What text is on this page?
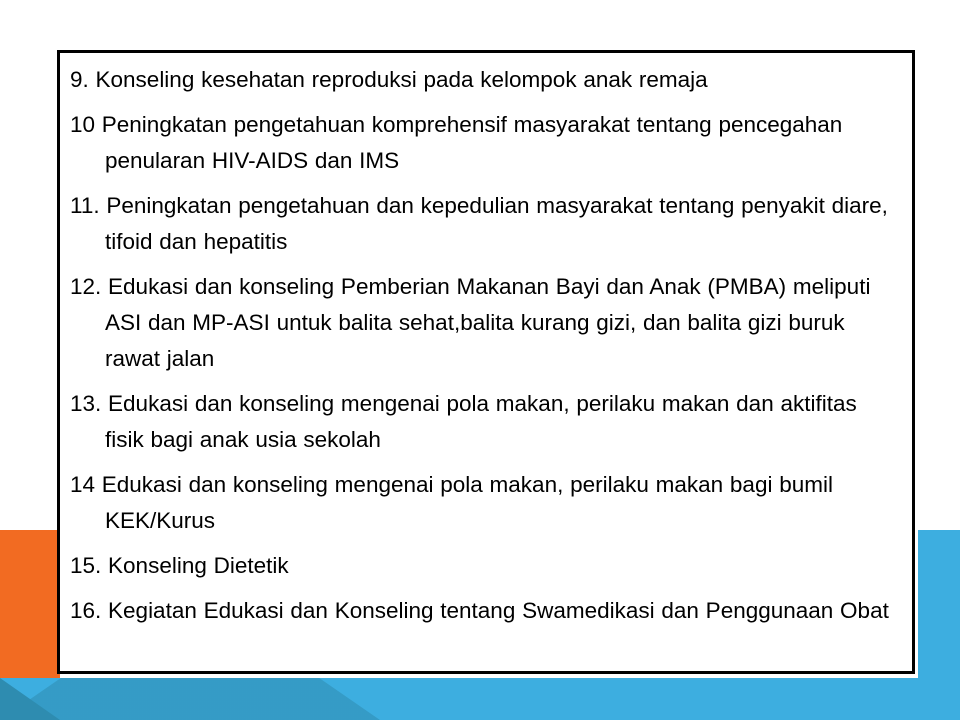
9. Konseling kesehatan reproduksi pada kelompok anak remaja
10 Peningkatan pengetahuan komprehensif masyarakat tentang pencegahan penularan HIV-AIDS dan IMS
11. Peningkatan pengetahuan dan kepedulian masyarakat tentang penyakit diare, tifoid dan hepatitis
12. Edukasi dan konseling Pemberian Makanan Bayi dan Anak (PMBA) meliputi ASI dan MP-ASI untuk balita sehat,balita kurang gizi, dan balita gizi buruk rawat jalan
13. Edukasi dan konseling mengenai pola makan, perilaku makan dan aktifitas fisik bagi anak usia sekolah
14 Edukasi dan konseling mengenai pola makan, perilaku makan bagi bumil KEK/Kurus
15. Konseling Dietetik
16. Kegiatan Edukasi dan Konseling tentang Swamedikasi dan Penggunaan Obat
